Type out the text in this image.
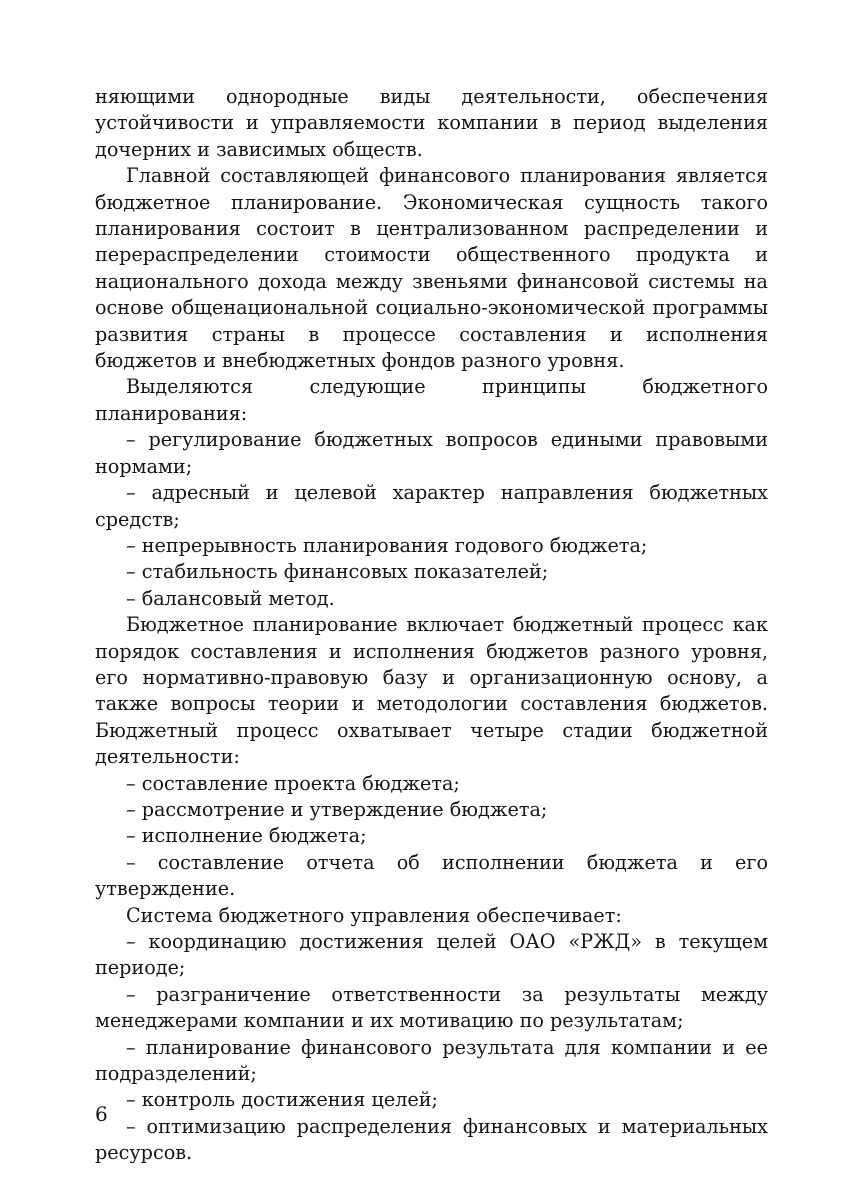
няющими однородные виды деятельности, обеспечения устойчивости и управляемости компании в период выделения дочерних и зависимых обществ.

Главной составляющей финансового планирования является бюджетное планирование. Экономическая сущность такого планирования состоит в централизованном распределении и перераспределении стоимости общественного продукта и национального дохода между звеньями финансовой системы на основе общенациональной социально-экономической программы развития страны в процессе составления и исполнения бюджетов и внебюджетных фондов разного уровня.

Выделяются следующие принципы бюджетного планирования:

– регулирование бюджетных вопросов едиными правовыми нормами;

– адресный и целевой характер направления бюджетных средств;

– непрерывность планирования годового бюджета;

– стабильность финансовых показателей;

– балансовый метод.

Бюджетное планирование включает бюджетный процесс как порядок составления и исполнения бюджетов разного уровня, его нормативно-правовую базу и организационную основу, а также вопросы теории и методологии составления бюджетов. Бюджетный процесс охватывает четыре стадии бюджетной деятельности:

– составление проекта бюджета;

– рассмотрение и утверждение бюджета;

– исполнение бюджета;

– составление отчета об исполнении бюджета и его утверждение.

Система бюджетного управления обеспечивает:

– координацию достижения целей ОАО «РЖД» в текущем периоде;

– разграничение ответственности за результаты между менеджерами компании и их мотивацию по результатам;

– планирование финансового результата для компании и ее подразделений;

– контроль достижения целей;

– оптимизацию распределения финансовых и материальных ресурсов.

6
